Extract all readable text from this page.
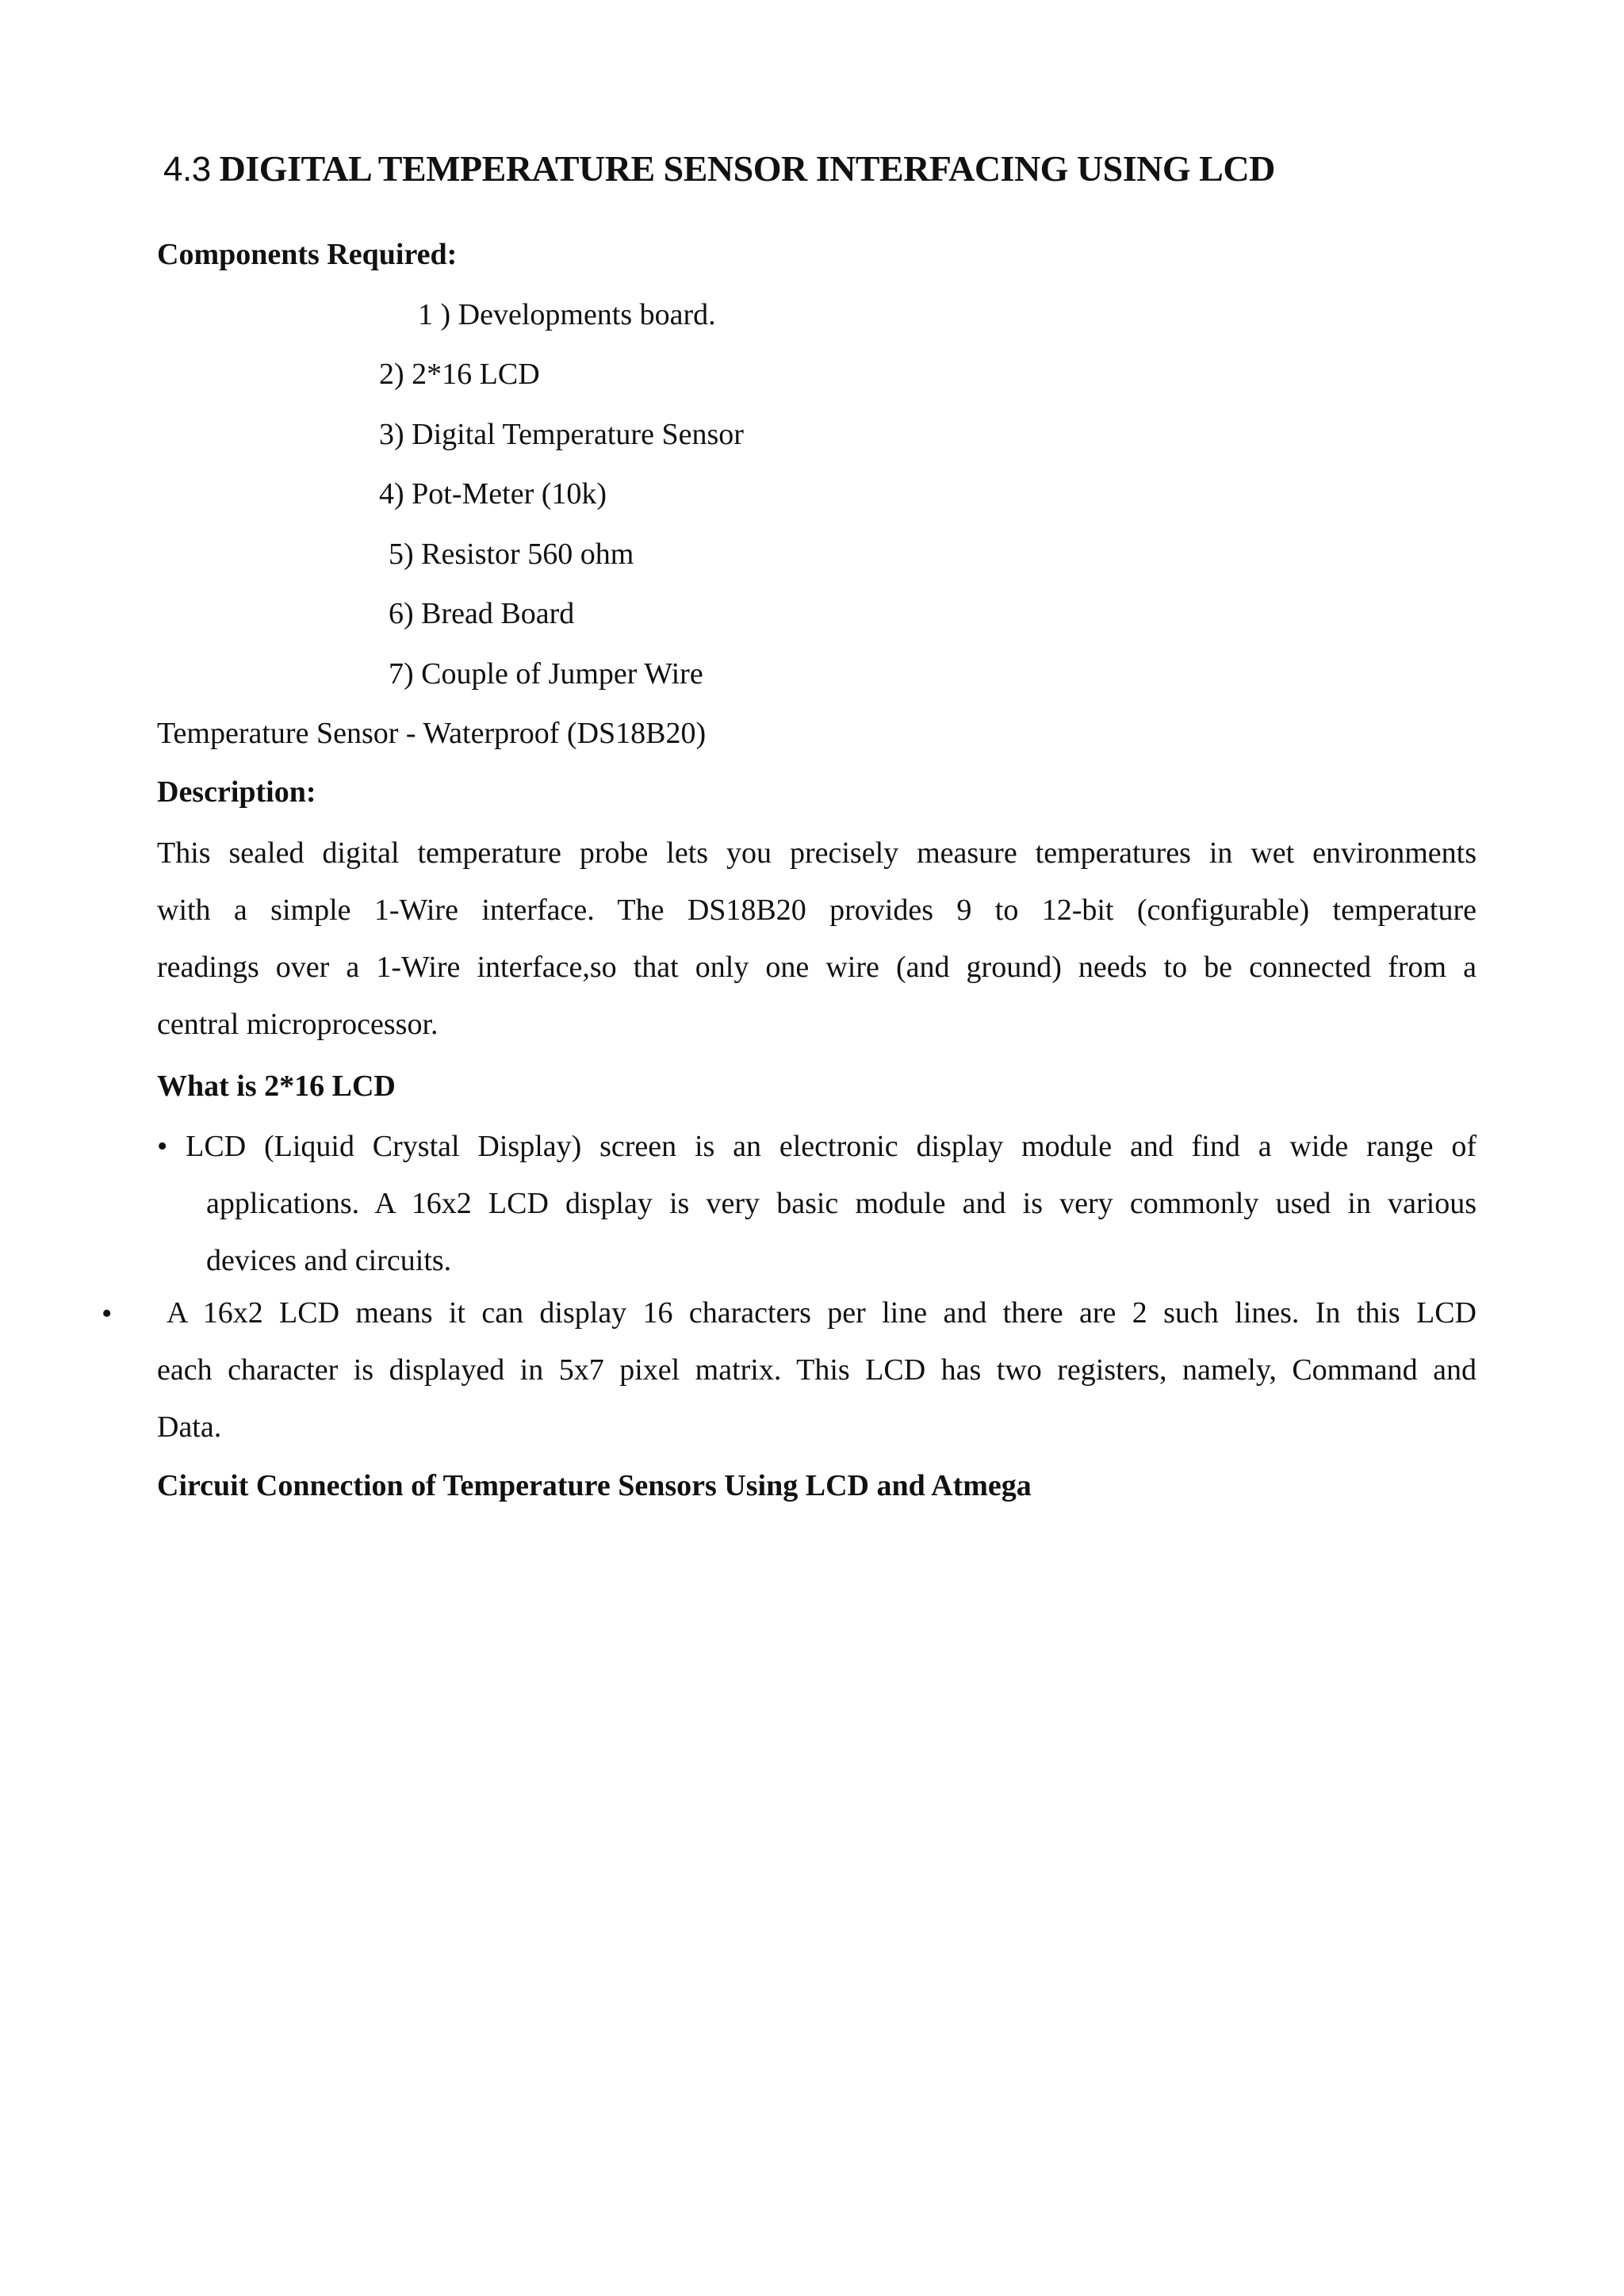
4.3 DIGITAL TEMPERATURE SENSOR INTERFACING USING LCD
Components Required:
1 ) Developments board.
2) 2*16 LCD
3) Digital Temperature Sensor
4) Pot-Meter (10k)
5) Resistor 560 ohm
6) Bread Board
7) Couple of Jumper Wire
Temperature Sensor - Waterproof (DS18B20)
Description:
This sealed digital temperature probe lets you precisely measure temperatures in wet environments
with a simple 1-Wire interface. The DS18B20 provides 9 to 12-bit (configurable) temperature
readings over a 1-Wire interface,so that only one wire (and ground) needs to be connected from a
central microprocessor.
What is 2*16 LCD
• LCD (Liquid Crystal Display) screen is an electronic display module and find a wide range of
applications. A 16x2 LCD display is very basic module and is very commonly used in various
devices and circuits.
• A 16x2 LCD means it can display 16 characters per line and there are 2 such lines. In this LCD
each character is displayed in 5x7 pixel matrix. This LCD has two registers, namely, Command and
Data.
Circuit Connection of Temperature Sensors Using LCD and Atmega
